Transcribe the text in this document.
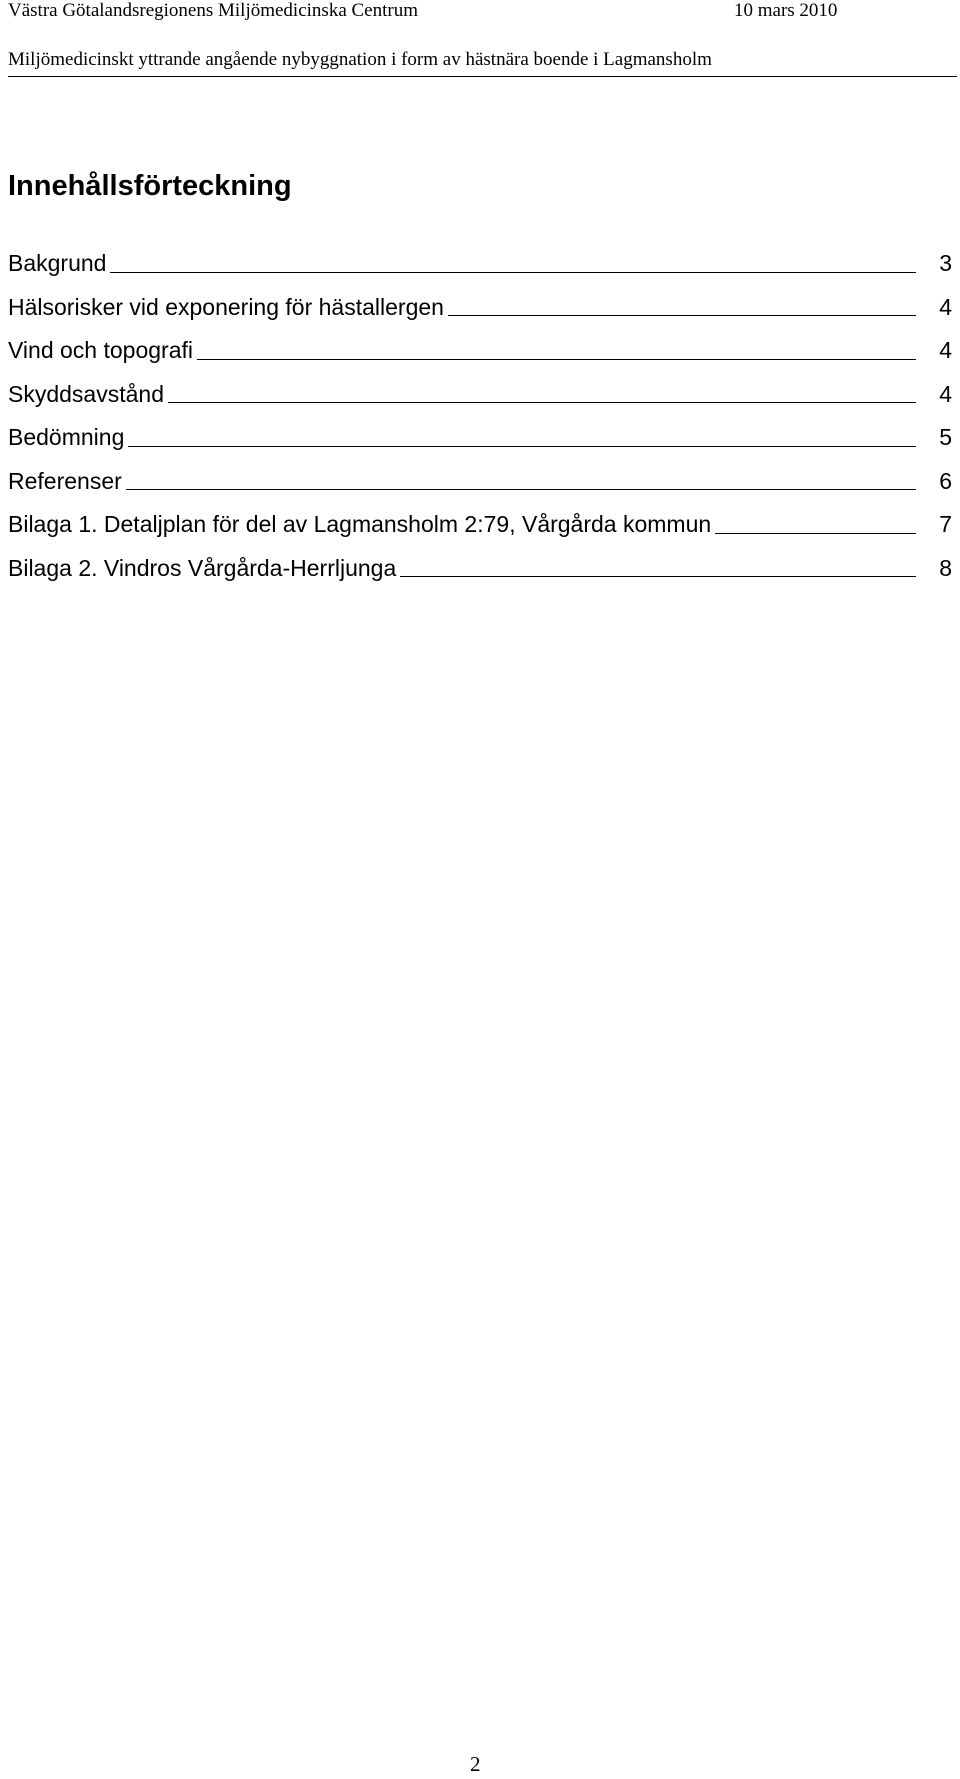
Västra Götalandsregionens Miljömedicinska Centrum	10 mars 2010
Miljömedicinskt yttrande angående nybyggnation i form av hästnära boende i Lagmansholm
Innehållsförteckning
Bakgrund	3
Hälsorisker vid exponering för hästallergen	4
Vind och topografi	4
Skyddsavstånd	4
Bedömning	5
Referenser	6
Bilaga 1. Detaljplan för del av Lagmansholm 2:79, Vårgårda kommun	7
Bilaga 2. Vindros Vårgårda-Herrljunga	8
2
